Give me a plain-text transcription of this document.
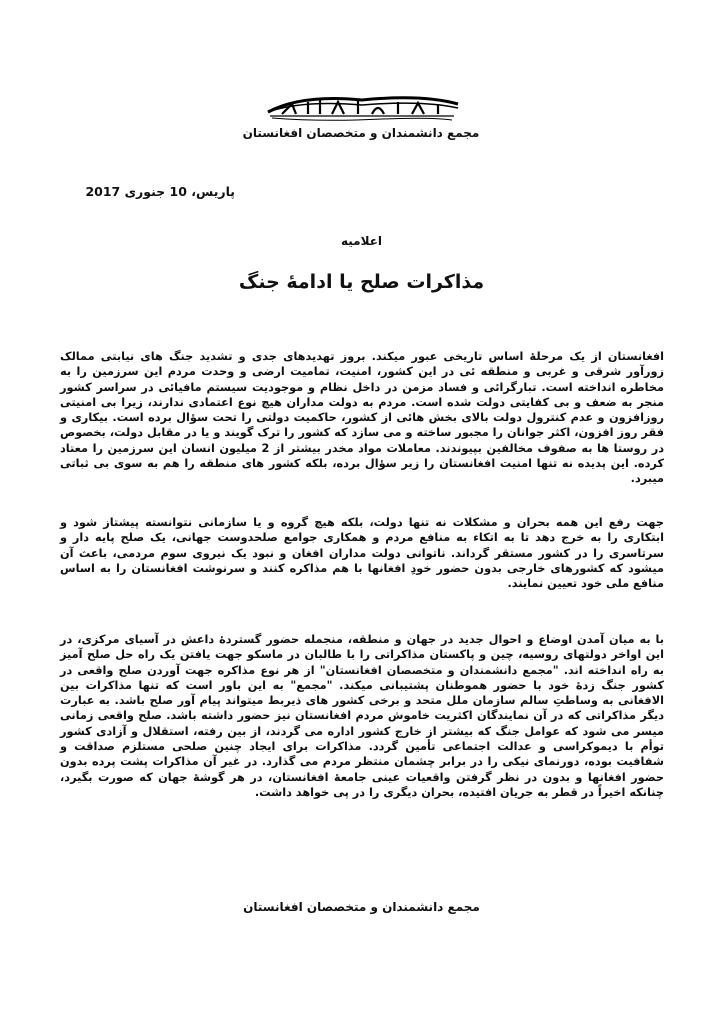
مجمع دانشمندان و متخصصان افغانستان
پاریس، 10 جنوری 2017
اعلامیه
مذاکرات صلح یا ادامهٔ جنگ

افغانستان از یک مرحلهٔ اساس تاریخی عبور میکند. بروز تهدیدهای جدی و تشدید جنگ های نیابتی ممالک زورآور شرقی و غربی و منطقه ئی در این کشور، امنیت، تمامیت ارضی و وحدت مردم این سرزمین را به مخاطره انداخته است. تبارگرائی و فساد مزمن در داخل نظام و موجودیت سیستم مافیائی در سراسر کشور منجر به ضعف و بی کفایتی دولت شده است. مردم به دولت مداران هیچ نوع اعتمادی ندارند، زیرا بی امنیتی روزافزون و عدم کنترول دولت بالای بخش هائی از کشور، حاکمیت دولتی را تحت سؤال برده است. بیکاری و فقر روز افزون، اکثر جوانان را مجبور ساخته و می سازد که کشور را ترک گویند و یا در مقابل دولت، بخصوص در روستا ها به صفوف مخالفین بپیوندند. معاملات مواد مخدر بیشتر از 2 میلیون انسان این سرزمین را معتاد کرده. این پدیده نه تنها امنیت افغانستان را زیر سؤال برده، بلکه کشور های منطقه را هم به سوی بی ثباتی میبرد.

جهت رفع این همه بحران و مشکلات نه تنها دولت، بلکه هیچ گروه و یا سازمانی نتوانسته پیشتاز شود و ابتکاری را به خرج دهد تا به اتکاء به منافع مردم و همکاری جوامع صلحدوست جهانی، یک صلح پایه دار و سرتاسری را در کشور مستقر گرداند. ناتوانی دولت مداران افغان و نبود یک نیروی سوم مردمی، باعث آن میشود که کشورهای خارجی بدون حضور خودِ افغانها با هم مذاکره کنند و سرنوشت افغانستان را به اساس منافع ملی خود تعیین نمایند.

با به میان آمدن اوضاع و احوال جدید در جهان و منطقه، منجمله حضور گستردهٔ داعش در آسیای مرکزی، در این اواخر دولتهای روسیه، چین و پاکستان مذاکراتی را با طالبان در ماسکو جهت یافتن یک راه حل صلح آمیز به راه انداخته اند. "مجمع دانشمندان و متخصصان افغانستان" از هر نوع مذاکره جهت آوردن صلح واقعی در کشور جنگ زدهٔ خود با حضور هموطنان پشتیبانی میکند. "مجمع" به این باور است که تنها مذاکرات بین الافغانی به وساطتِ سالم سازمان ملل متحد و برخی کشور های ذیربط میتواند پیام آور صلح باشد. به عبارت دیگر مذاکراتی که در آن نمایندگان اکثریت خاموش مردم افغانستان نیز حضور داشته باشد. صلح واقعی زمانی میسر می شود که عوامل جنگ که بیشتر از خارج کشور اداره می گردند، از بین رفته، استقلال و آزادی کشور توأم با دیموکراسی و عدالت اجتماعی تأمین گردد. مذاکرات برای ایجاد چنین صلحی مستلزم صداقت و شفافیت بوده، دورنمای نیکی را در برابر چشمان منتظر مردم می گذارد. در غیر آن مذاکرات پشت پرده بدون حضور افغانها و بدون در نظر گرفتن واقعیات عینی جامعهٔ افغانستان، در هر گوشهٔ جهان که صورت بگیرد، چنانکه اخیراً در قطر به جریان افتیده، بحران دیگری را در پی خواهد داشت.

مجمع دانشمندان و متخصصان افغانستان
